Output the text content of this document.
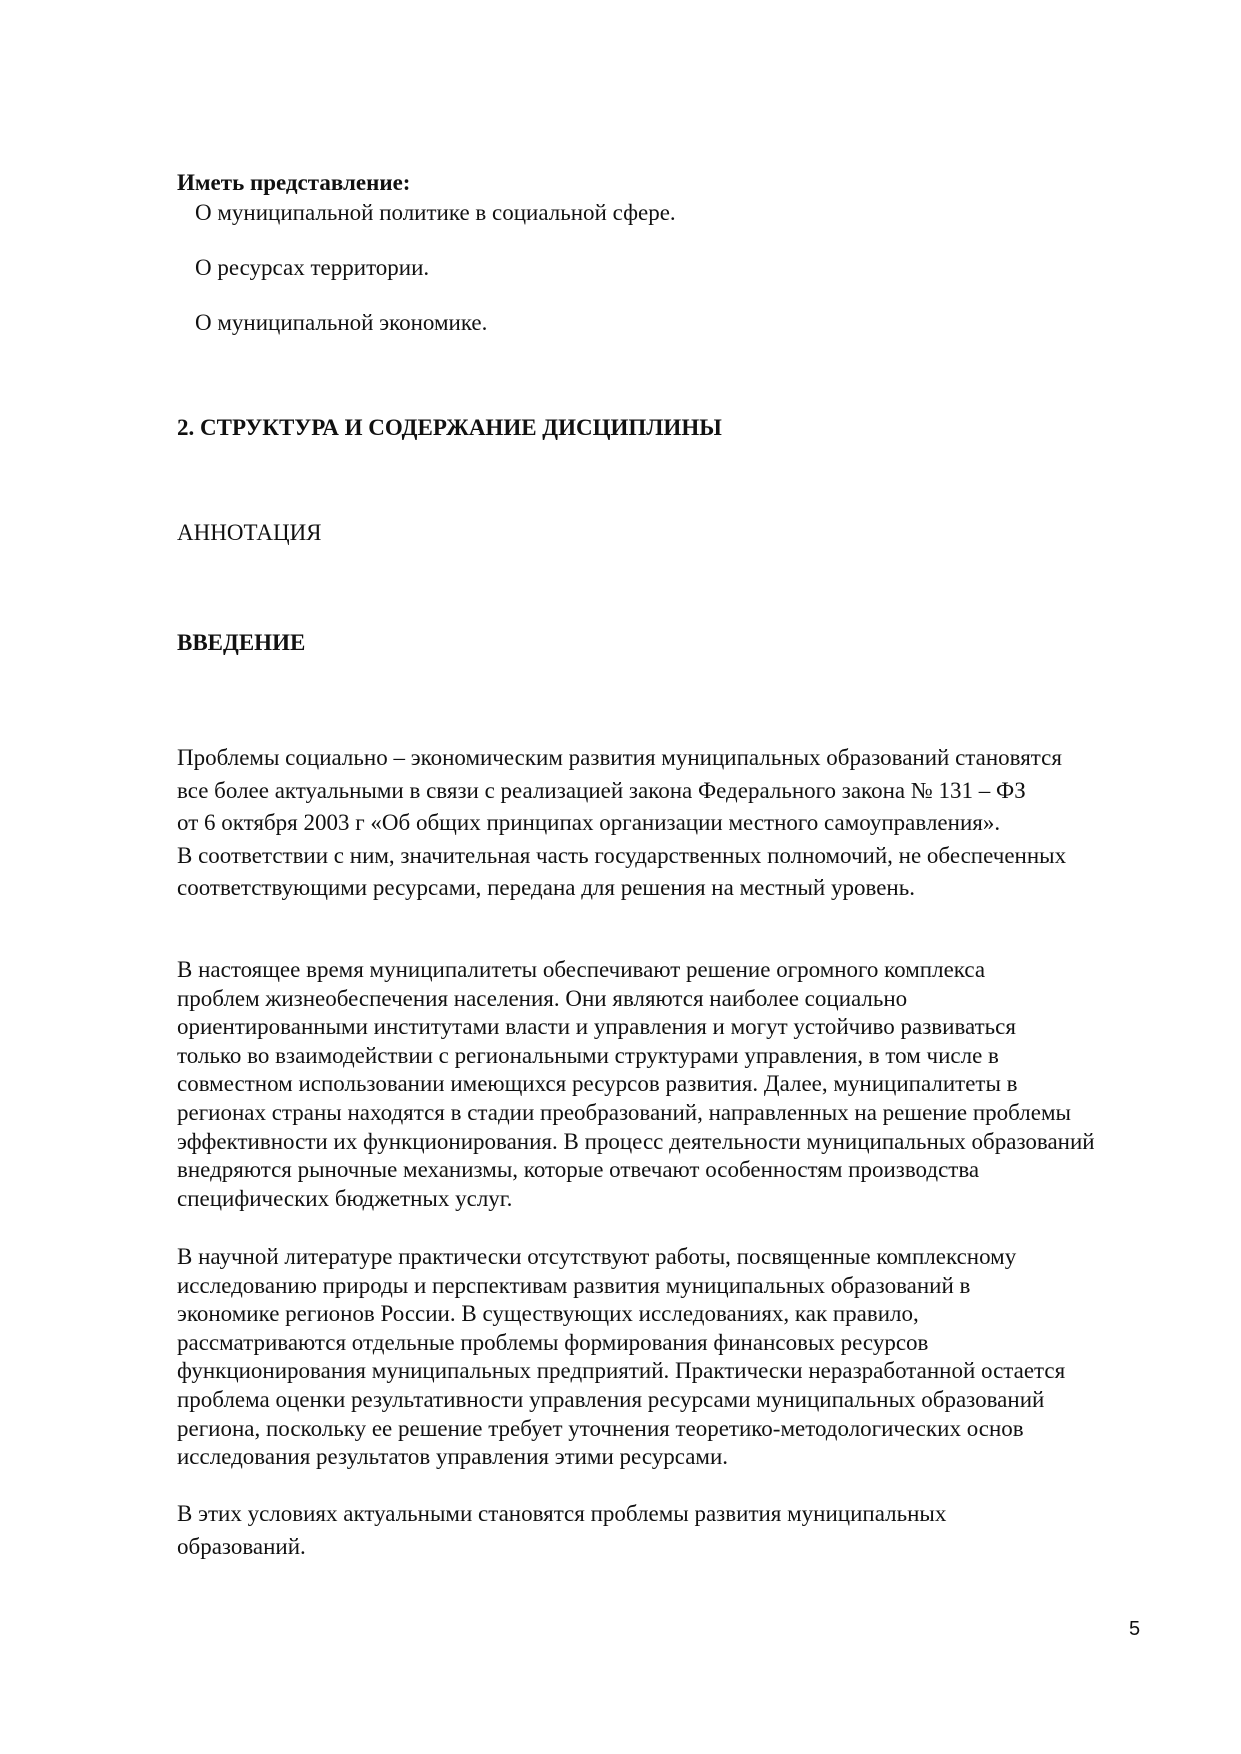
Иметь представление:

О муниципальной политике в социальной сфере.

О ресурсах территории.

О муниципальной экономике.

2. СТРУКТУРА И СОДЕРЖАНИЕ ДИСЦИПЛИНЫ

АННОТАЦИЯ

ВВЕДЕНИЕ

Проблемы социально – экономическим развития муниципальных образований становятся
все более актуальными в связи с реализацией закона Федерального закона № 131 – ФЗ
от 6 октября 2003 г «Об общих принципах организации местного самоуправления».
В соответствии с ним, значительная часть государственных полномочий, не обеспеченных
соответствующими ресурсами, передана для решения на местный уровень.
В настоящее время муниципалитеты обеспечивают решение огромного комплекса
проблем жизнеобеспечения населения. Они являются наиболее социально
ориентированными институтами власти и управления и могут устойчиво развиваться
только во взаимодействии с региональными структурами управления, в том числе в
совместном использовании имеющихся ресурсов развития. Далее, муниципалитеты в
регионах страны находятся в стадии преобразований, направленных на решение проблемы
эффективности их функционирования. В процесс деятельности муниципальных образований
внедряются рыночные механизмы, которые отвечают особенностям производства
специфических бюджетных услуг.
В научной литературе практически отсутствуют работы, посвященные комплексному
исследованию природы и перспективам развития муниципальных образований в
экономике регионов России. В существующих исследованиях, как правило,
рассматриваются отдельные проблемы формирования финансовых ресурсов
функционирования муниципальных предприятий. Практически неразработанной остается
проблема оценки результативности управления ресурсами муниципальных образований
региона, поскольку ее решение требует уточнения теоретико-методологических основ
исследования результатов управления этими ресурсами.
В этих условиях актуальными становятся проблемы развития муниципальных
образований.

5
